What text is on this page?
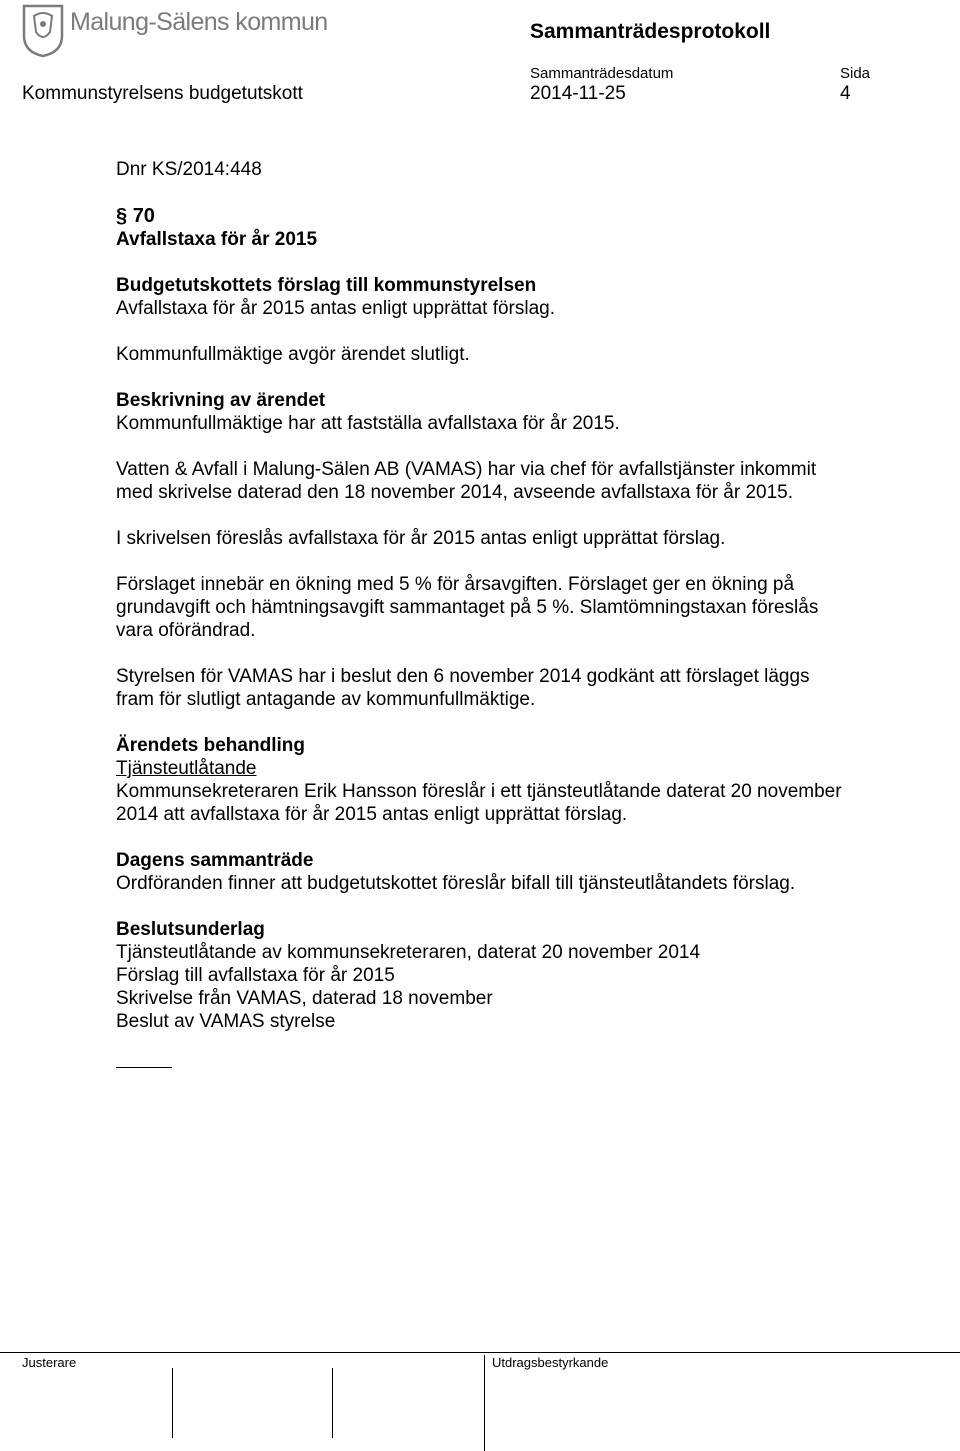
Malung-Sälens kommun	Sammanträdesprotokoll
Sammanträdesdatum	Sida
Kommunstyrelsens budgetutskott	2014-11-25	4

Dnr KS/2014:448

§ 70

Avfallstaxa för år 2015

Budgetutskottets förslag till kommunstyrelsen

Avfallstaxa för år 2015 antas enligt upprättat förslag.

Kommunfullmäktige avgör ärendet slutligt.

Beskrivning av ärendet

Kommunfullmäktige har att fastställa avfallstaxa för år 2015.

Vatten & Avfall i Malung-Sälen AB (VAMAS) har via chef för avfallstjänster inkommit

med skrivelse daterad den 18 november 2014, avseende avfallstaxa för år 2015.

I skrivelsen föreslås avfallstaxa för år 2015 antas enligt upprättat förslag.

Förslaget innebär en ökning med 5 % för årsavgiften. Förslaget ger en ökning på

grundavgift och hämtningsavgift sammantaget på 5 %. Slamtömningstaxan föreslås

vara oförändrad.

Styrelsen för VAMAS har i beslut den 6 november 2014 godkänt att förslaget läggs

fram för slutligt antagande av kommunfullmäktige.

Ärendets behandling

Tjänsteutlåtande

Kommunsekreteraren Erik Hansson föreslår i ett tjänsteutlåtande daterat 20 november

2014 att avfallstaxa för år 2015 antas enligt upprättat förslag.

Dagens sammanträde

Ordföranden finner att budgetutskottet föreslår bifall till tjänsteutlåtandets förslag.

Beslutsunderlag

Tjänsteutlåtande av kommunsekreteraren, daterat 20 november 2014

Förslag till avfallstaxa för år 2015

Skrivelse från VAMAS, daterad 18 november

Beslut av VAMAS styrelse

Justerare	Utdragsbestyrkande
